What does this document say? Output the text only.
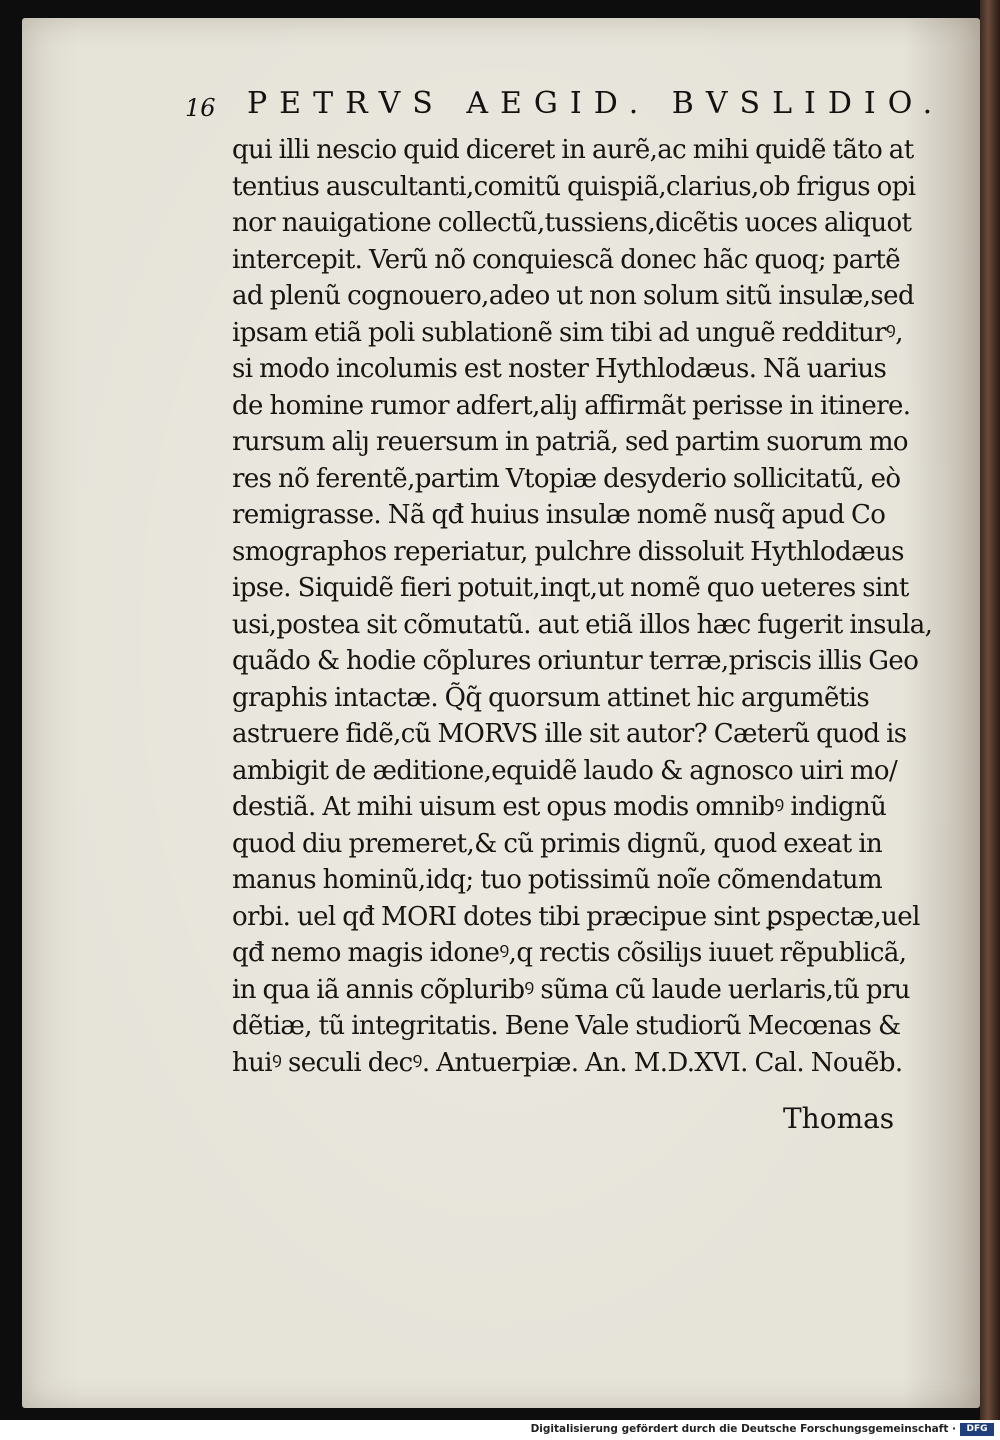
16 PETRVS AEGID. BVSLIDIO.
qui illi nescio quid diceret in aurẽ,ac mihi quidẽ tãto at
tentius auscultanti,comitũ quispiã,clarius,ob frigus opi
nor nauigatione collectũ,tussiens,dicẽtis uoces aliquot
intercepit. Verũ nõ conquiescã donec hãc quoq; partẽ
ad plenũ cognouero,adeo ut non solum sitũ insulæ,sed
ipsam etiã poli sublationẽ sim tibi ad unguẽ redditurꝰ,
si modo incolumis est noster Hythlodæus. Nã uarius
de homine rumor adfert,aliȷ affirmãt perisse in itinere.
rursum aliȷ reuersum in patriã, sed partim suorum mo
res nõ ferentẽ,partim Vtopiæ desyderio sollicitatũ, eò
remigrasse. Nã qđ huius insulæ nomẽ nusq̃ apud Co
smographos reperiatur, pulchre dissoluit Hythlodæus
ipse. Siquidẽ fieri potuit,inqt,ut nomẽ quo ueteres sint
usi,postea sit cõmutatũ. aut etiã illos hæc fugerit insula,
quãdo & hodie cõplures oriuntur terræ,priscis illis Geo
graphis intactæ. Q̃q̃ quorsum attinet hic argumẽtis
astruere fidẽ,cũ MORVS ille sit autor? Cæterũ quod is
ambigit de æditione,equidẽ laudo & agnosco uiri mo/
destiã. At mihi uisum est opus modis omnibꝰ indignũ
quod diu premeret,& cũ primis dignũ, quod exeat in
manus hominũ,idq; tuo potissimũ noĩe cõmendatum
orbi. uel qđ MORI dotes tibi præcipue sint ꝑspectæ,uel
qđ nemo magis idoneꝰ,q rectis cõsiliȷs iuuet rẽpublicã,
in qua iã annis cõpluribꝰ sũma cũ laude uerlaris,tũ pru
dẽtiæ, tũ integritatis. Bene Vale studiorũ Mecœnas &
huiꝰ seculi decꝰ. Antuerpiæ. An. M.D.XVI. Cal. Nouẽb.
Thomas
Digitalisierung gefördert durch die Deutsche Forschungsgemeinschaft ·	DFG
